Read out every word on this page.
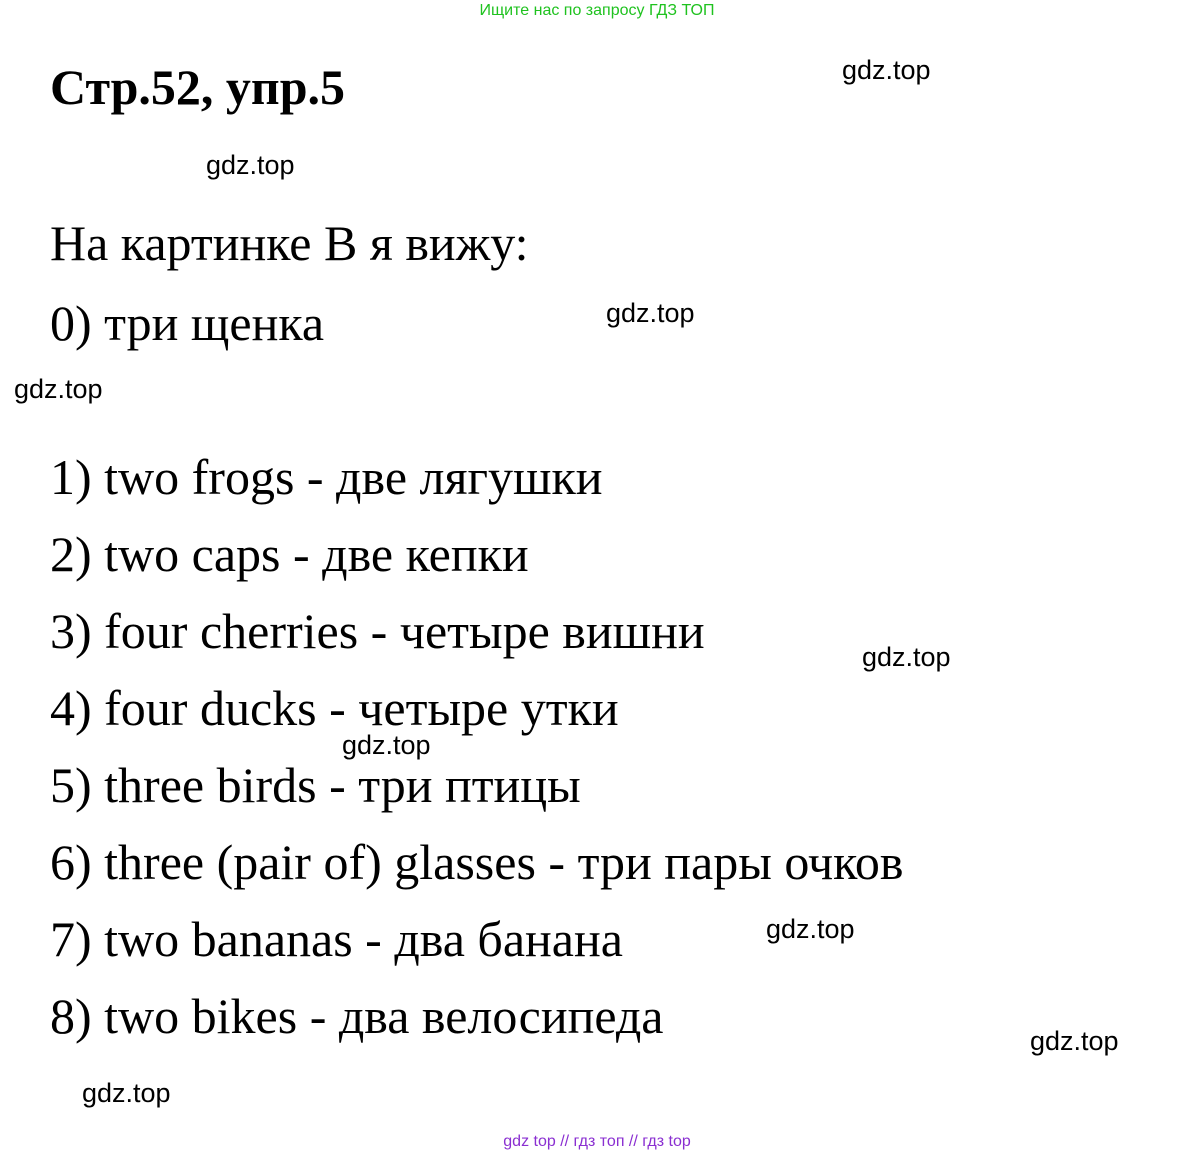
Ищите нас по запросу ГДЗ ТОП
Стр.52, упр.5
На картинке В я вижу:
0) три щенка
1) two frogs - две лягушки
2) two caps - две кепки
3) four cherries - четыре вишни
4) four ducks - четыре утки
5) three birds - три птицы
6) three (pair of) glasses - три пары очков
7) two bananas - два банана
8) two bikes - два велосипеда
gdz.top
gdz.top
gdz.top
gdz.top
gdz.top
gdz.top
gdz.top
gdz.top
gdz.top
gdz top // гдз топ // гдз top
